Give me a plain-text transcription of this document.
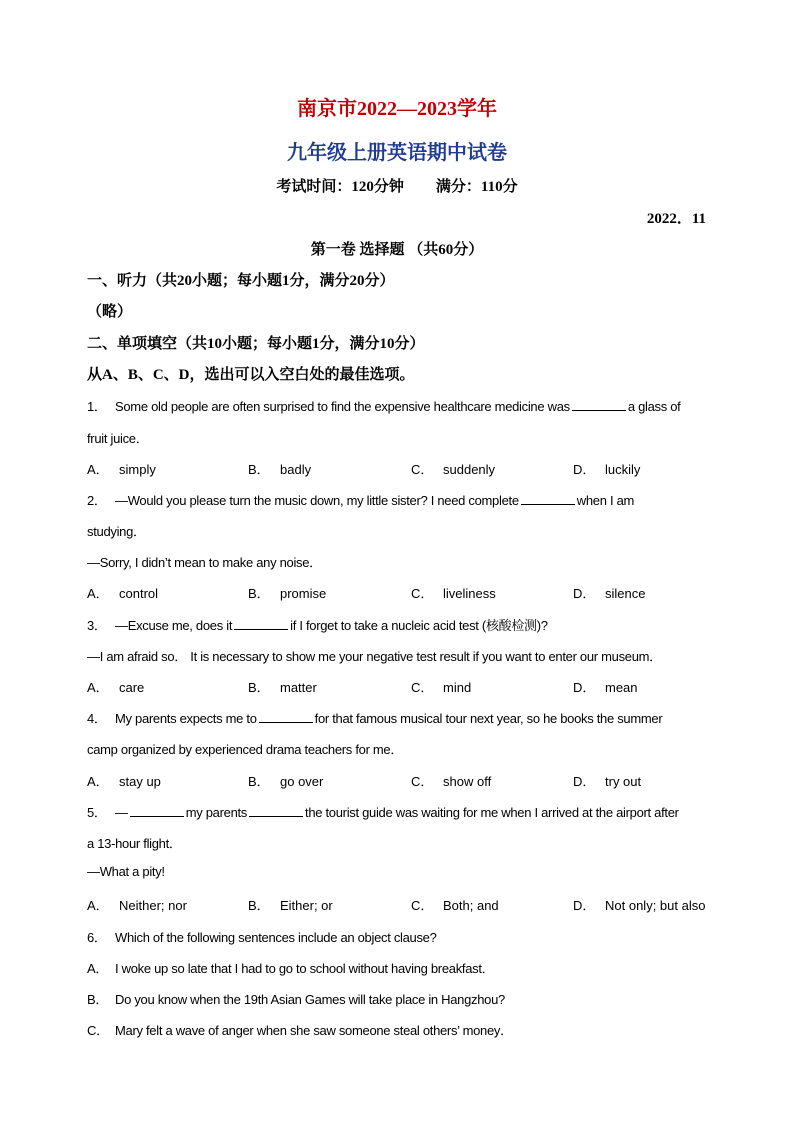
南京市2022—2023学年
九年级上册英语期中试卷
考试时间：120分钟 满分：110分
2022．11
第一卷 选择题 （共60分）
一、听力（共20小题；每小题1分，满分20分）
（略）
二、单项填空（共10小题；每小题1分，满分10分）
从A、B、C、D，选出可以入空白处的最佳选项。
1． Some old people are often surprised to find the expensive healthcare medicine was	a glass of
fruit juice．
A． simply	B． badly	C． suddenly	D． luckily
2． —Would you please turn the music down, my little sister? I need complete	when I am
studying．
—Sorry, I didn’t mean to make any noise．
A． control	B． promise	C． liveliness	D． silence
3． —Excuse me, does it	if I forget to take a nucleic acid test (核酸检测)?
—I am afraid so． It is necessary to show me your negative test result if you want to enter our museum．
A． care	B． matter	C． mind	D． mean
4． My parents expects me to	for that famous musical tour next year, so he books the summer
camp organized by experienced drama teachers for me．
A． stay up	B． go over	C． show off	D． try out
5． —	my parents	the tourist guide was waiting for me when I arrived at the airport after
a 13-hour flight．
—What a pity!
A． Neither; nor	B． Either; or	C． Both; and	D． Not only; but also
6． Which of the following sentences include an object clause?
A． I woke up so late that I had to go to school without having breakfast．
B． Do you know when the 19th Asian Games will take place in Hangzhou?
C． Mary felt a wave of anger when she saw someone steal others’ money．
